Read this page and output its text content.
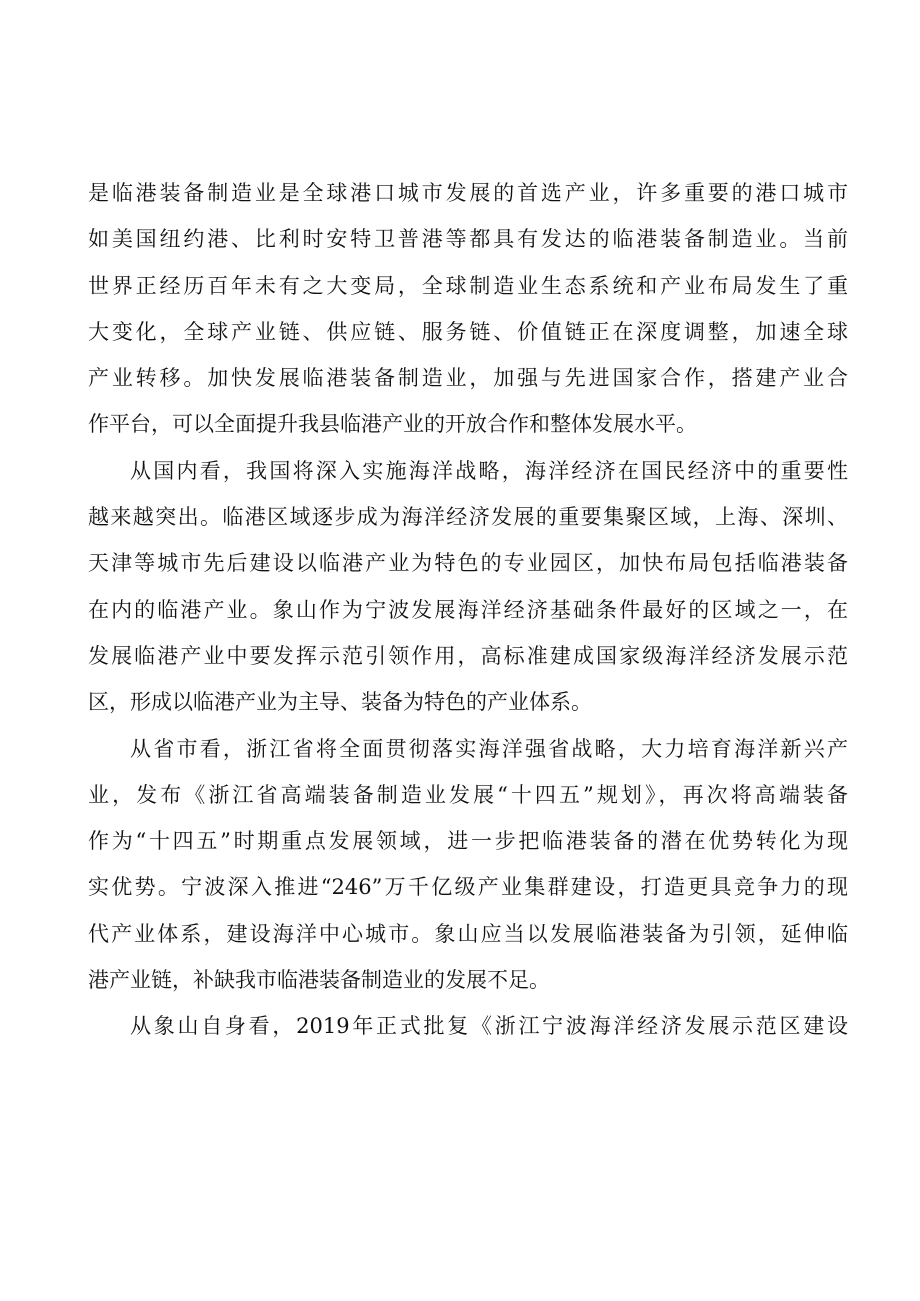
是临港装备制造业是全球港口城市发展的首选产业，许多重要的港口城市
如美国纽约港、比利时安特卫普港等都具有发达的临港装备制造业。当前
世界正经历百年未有之大变局，全球制造业生态系统和产业布局发生了重
大变化，全球产业链、供应链、服务链、价值链正在深度调整，加速全球
产业转移。加快发展临港装备制造业，加强与先进国家合作，搭建产业合
作平台，可以全面提升我县临港产业的开放合作和整体发展水平。
从国内看，我国将深入实施海洋战略，海洋经济在国民经济中的重要性
越来越突出。临港区域逐步成为海洋经济发展的重要集聚区域，上海、深圳、
天津等城市先后建设以临港产业为特色的专业园区，加快布局包括临港装备
在内的临港产业。象山作为宁波发展海洋经济基础条件最好的区域之一，在
发展临港产业中要发挥示范引领作用，高标准建成国家级海洋经济发展示范
区，形成以临港产业为主导、装备为特色的产业体系。
从省市看，浙江省将全面贯彻落实海洋强省战略，大力培育海洋新兴产
业，发布《浙江省高端装备制造业发展“十四五”规划》，再次将高端装备
作为“十四五”时期重点发展领域，进一步把临港装备的潜在优势转化为现
实优势。宁波深入推进“246”万千亿级产业集群建设，打造更具竞争力的现
代产业体系，建设海洋中心城市。象山应当以发展临港装备为引领，延伸临
港产业链，补缺我市临港装备制造业的发展不足。
从象山自身看，2019年正式批复《浙江宁波海洋经济发展示范区建设
